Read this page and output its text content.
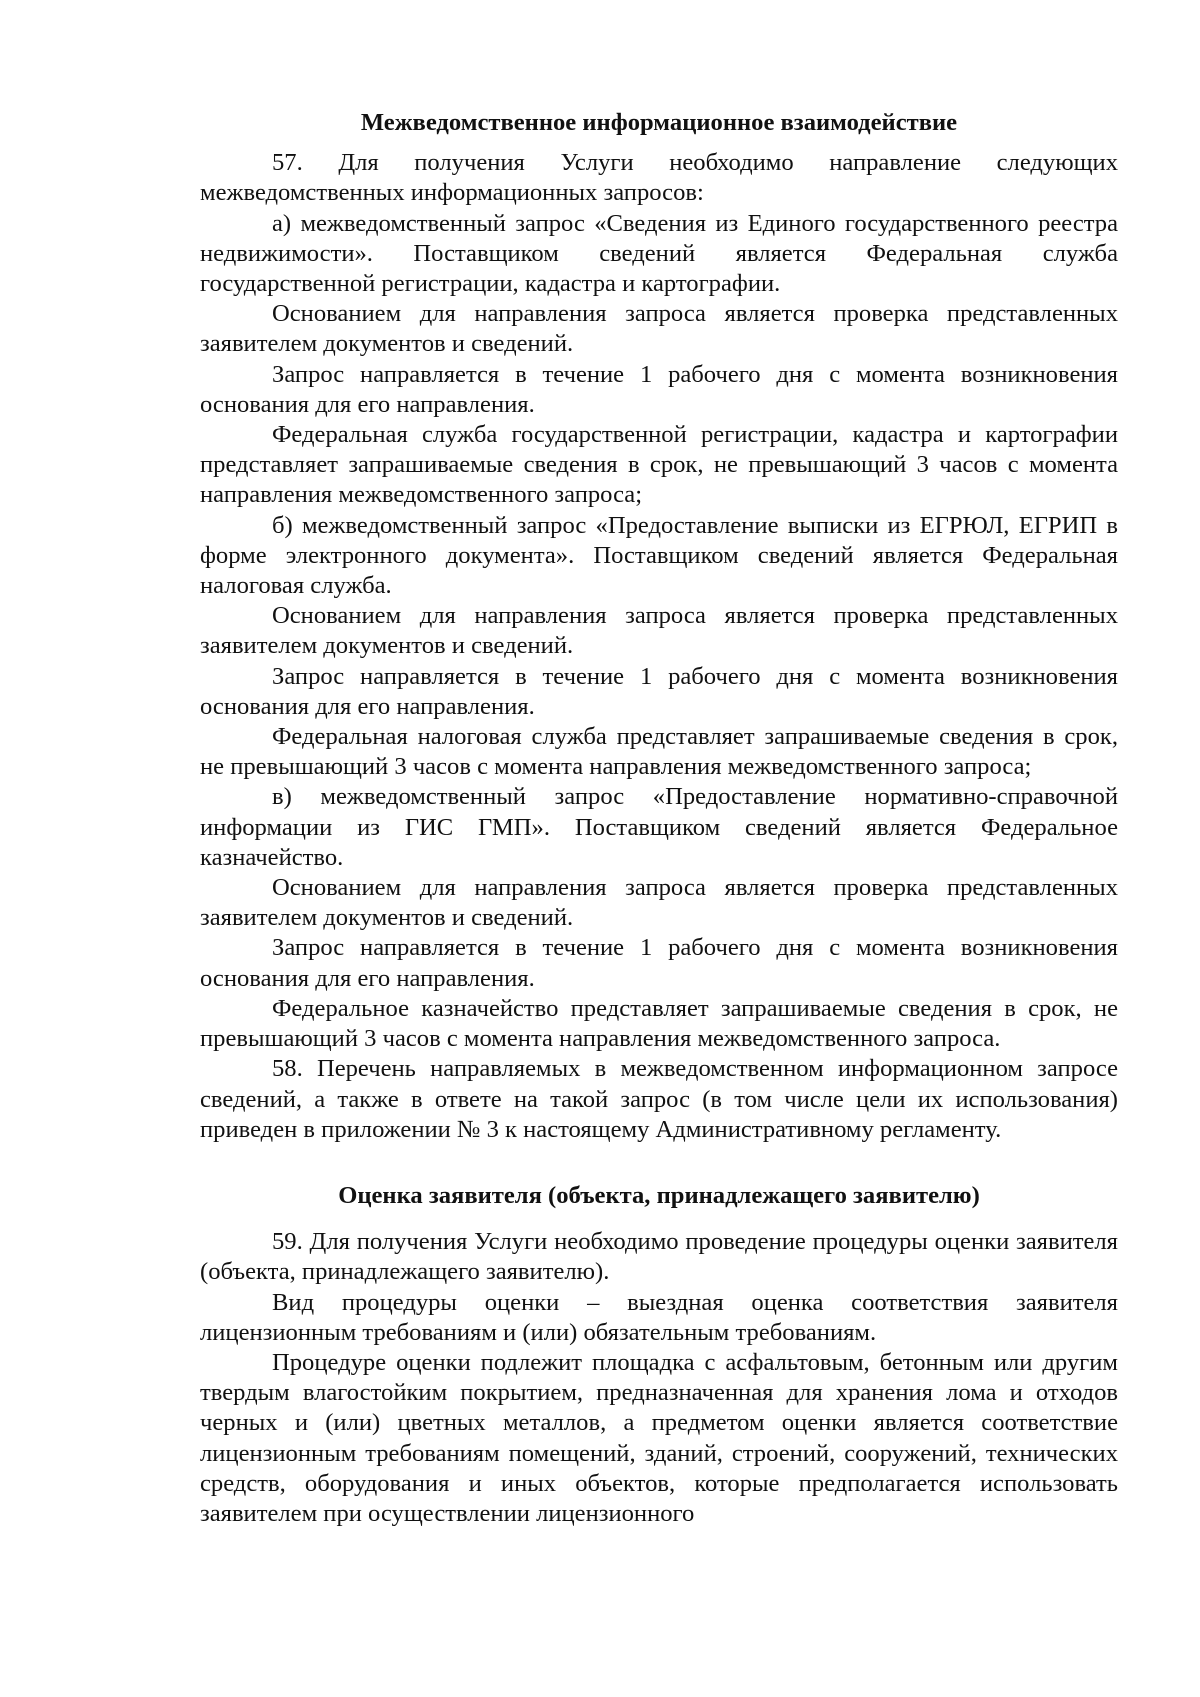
Межведомственное информационное взаимодействие

57. Для получения Услуги необходимо направление следующих межведомственных информационных запросов:

а) межведомственный запрос «Сведения из Единого государственного реестра недвижимости». Поставщиком сведений является Федеральная служба государственной регистрации, кадастра и картографии.

Основанием для направления запроса является проверка представленных заявителем документов и сведений.

Запрос направляется в течение 1 рабочего дня с момента возникновения основания для его направления.

Федеральная служба государственной регистрации, кадастра и картографии представляет запрашиваемые сведения в срок, не превышающий 3 часов с момента направления межведомственного запроса;

б) межведомственный запрос «Предоставление выписки из ЕГРЮЛ, ЕГРИП в форме электронного документа». Поставщиком сведений является Федеральная налоговая служба.

Основанием для направления запроса является проверка представленных заявителем документов и сведений.

Запрос направляется в течение 1 рабочего дня с момента возникновения основания для его направления.

Федеральная налоговая служба представляет запрашиваемые сведения в срок, не превышающий 3 часов с момента направления межведомственного запроса;

в) межведомственный запрос «Предоставление нормативно-справочной информации из ГИС ГМП». Поставщиком сведений является Федеральное казначейство.

Основанием для направления запроса является проверка представленных заявителем документов и сведений.

Запрос направляется в течение 1 рабочего дня с момента возникновения основания для его направления.

Федеральное казначейство представляет запрашиваемые сведения в срок, не превышающий 3 часов с момента направления межведомственного запроса.

58. Перечень направляемых в межведомственном информационном запросе сведений, а также в ответе на такой запрос (в том числе цели их использования) приведен в приложении № 3 к настоящему Административному регламенту.

Оценка заявителя (объекта, принадлежащего заявителю)

59. Для получения Услуги необходимо проведение процедуры оценки заявителя (объекта, принадлежащего заявителю).

Вид процедуры оценки – выездная оценка соответствия заявителя лицензионным требованиям и (или) обязательным требованиям.

Процедуре оценки подлежит площадка с асфальтовым, бетонным или другим твердым влагостойким покрытием, предназначенная для хранения лома и отходов черных и (или) цветных металлов, а предметом оценки является соответствие лицензионным требованиям помещений, зданий, строений, сооружений, технических средств, оборудования и иных объектов, которые предполагается использовать заявителем при осуществлении лицензионного
